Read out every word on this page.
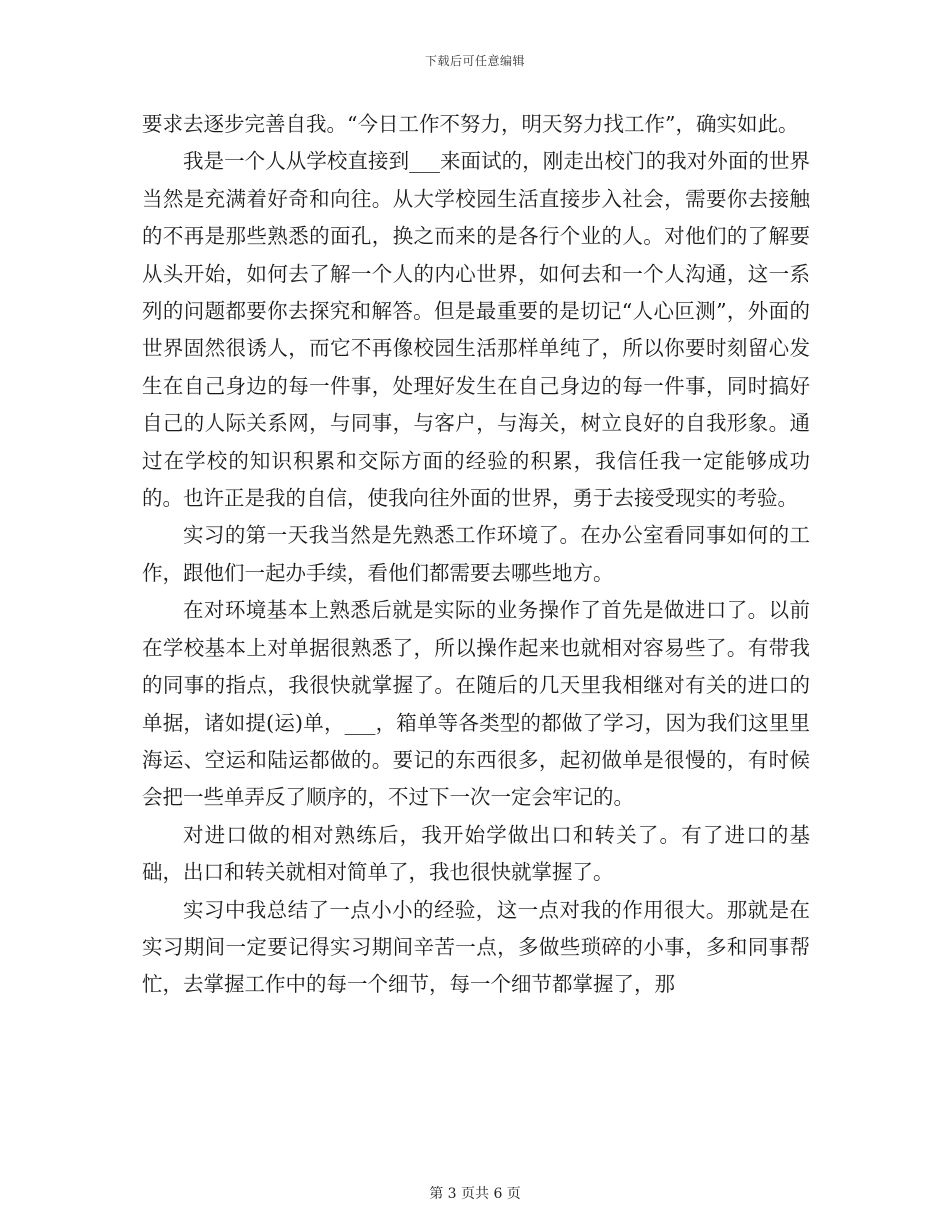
下载后可任意编辑

要求去逐步完善自我。“今日工作不努力，明天努力找工作”，确实如此。

我是一个人从学校直接到___来面试的，刚走出校门的我对外面的世界当然是充满着好奇和向往。从大学校园生活直接步入社会，需要你去接触的不再是那些熟悉的面孔，换之而来的是各行个业的人。对他们的了解要从头开始，如何去了解一个人的内心世界，如何去和一个人沟通，这一系列的问题都要你去探究和解答。但是最重要的是切记“人心叵测”，外面的世界固然很诱人，而它不再像校园生活那样单纯了，所以你要时刻留心发生在自己身边的每一件事，处理好发生在自己身边的每一件事，同时搞好自己的人际关系网，与同事，与客户，与海关，树立良好的自我形象。通过在学校的知识积累和交际方面的经验的积累，我信任我一定能够成功的。也许正是我的自信，使我向往外面的世界，勇于去接受现实的考验。

实习的第一天我当然是先熟悉工作环境了。在办公室看同事如何的工作，跟他们一起办手续，看他们都需要去哪些地方。

在对环境基本上熟悉后就是实际的业务操作了首先是做进口了。以前在学校基本上对单据很熟悉了，所以操作起来也就相对容易些了。有带我的同事的指点，我很快就掌握了。在随后的几天里我相继对有关的进口的单据，诸如提(运)单，___，箱单等各类型的都做了学习，因为我们这里里海运、空运和陆运都做的。要记的东西很多，起初做单是很慢的，有时候会把一些单弄反了顺序的，不过下一次一定会牢记的。

对进口做的相对熟练后，我开始学做出口和转关了。有了进口的基础，出口和转关就相对简单了，我也很快就掌握了。

实习中我总结了一点小小的经验，这一点对我的作用很大。那就是在实习期间一定要记得实习期间辛苦一点，多做些琐碎的小事，多和同事帮忙，去掌握工作中的每一个细节，每一个细节都掌握了，那

第 3 页共 6 页
